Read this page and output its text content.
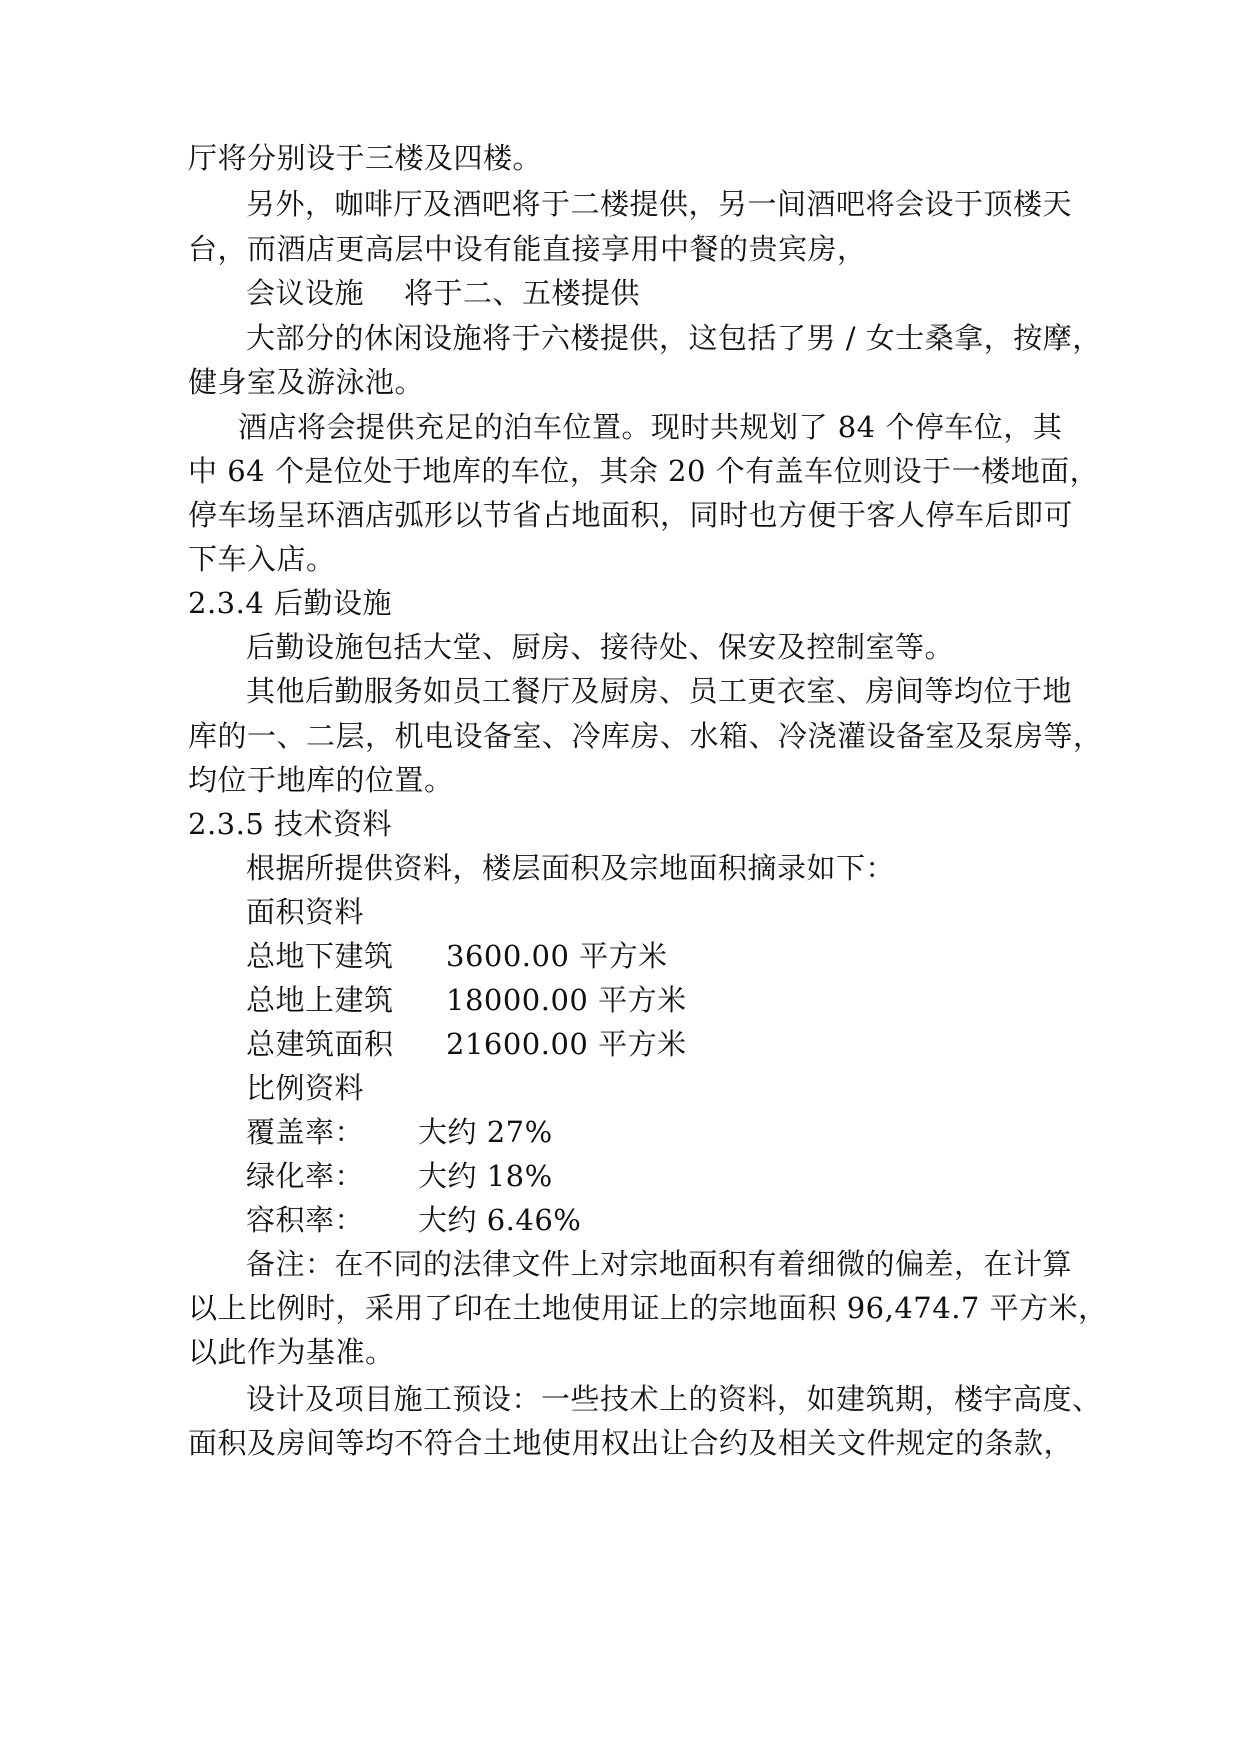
厅将分别设于三楼及四楼。
另外，咖啡厅及酒吧将于二楼提供，另一间酒吧将会设于顶楼天
台，而酒店更高层中设有能直接享用中餐的贵宾房，
会议设施 将于二、五楼提供
大部分的休闲设施将于六楼提供，这包括了男 / 女士桑拿，按摩，
健身室及游泳池。
酒店将会提供充足的泊车位置。现时共规划了 84 个停车位，其
中 64 个是位处于地库的车位，其余 20 个有盖车位则设于一楼地面，
停车场呈环酒店弧形以节省占地面积，同时也方便于客人停车后即可
下车入店。
2.3.4 后勤设施
后勤设施包括大堂、厨房、接待处、保安及控制室等。
其他后勤服务如员工餐厅及厨房、员工更衣室、房间等均位于地
库的一、二层，机电设备室、冷库房、水箱、冷浇灌设备室及泵房等，
均位于地库的位置。
2.3.5 技术资料
根据所提供资料，楼层面积及宗地面积摘录如下：
面积资料
总地下建筑 3600.00 平方米
总地上建筑 18000.00 平方米
总建筑面积 21600.00 平方米
比例资料
覆盖率： 大约 27%
绿化率： 大约 18%
容积率： 大约 6.46%
备注：在不同的法律文件上对宗地面积有着细微的偏差，在计算
以上比例时，采用了印在土地使用证上的宗地面积 96,474.7 平方米，
以此作为基准。
设计及项目施工预设：一些技术上的资料，如建筑期，楼宇高度、
面积及房间等均不符合土地使用权出让合约及相关文件规定的条款，
